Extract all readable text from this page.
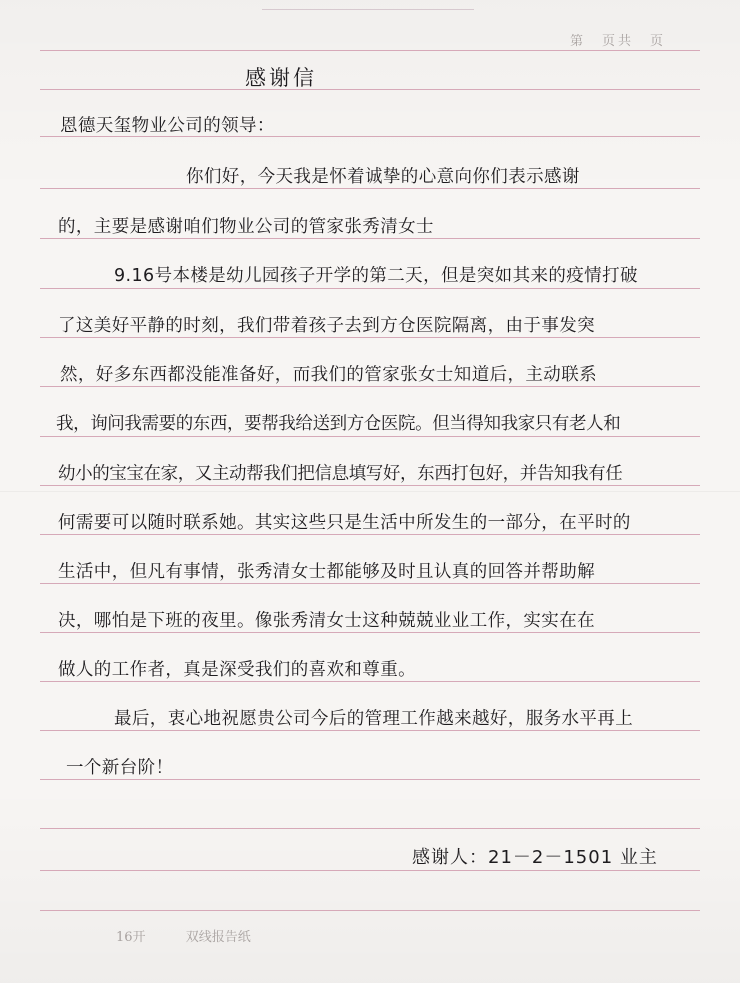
第　页共　页
感谢信
恩德天玺物业公司的领导：
你们好，今天我是怀着诚挚的心意向你们表示感谢
的，主要是感谢咱们物业公司的管家张秀清女士
9.16号本楼是幼儿园孩子开学的第二天，但是突如其来的疫情打破
了这美好平静的时刻，我们带着孩子去到方仓医院隔离，由于事发突
然，好多东西都没能准备好，而我们的管家张女士知道后，主动联系
我，询问我需要的东西，要帮我给送到方仓医院。但当得知我家只有老人和
幼小的宝宝在家，又主动帮我们把信息填写好，东西打包好，并告知我有任
何需要可以随时联系她。其实这些只是生活中所发生的一部分，在平时的
生活中，但凡有事情，张秀清女士都能够及时且认真的回答并帮助解
决，哪怕是下班的夜里。像张秀清女士这种兢兢业业工作，实实在在
做人的工作者，真是深受我们的喜欢和尊重。
最后，衷心地祝愿贵公司今后的管理工作越来越好，服务水平再上
一个新台阶！
感谢人：21－2－1501 业主
16开	双线报告纸
